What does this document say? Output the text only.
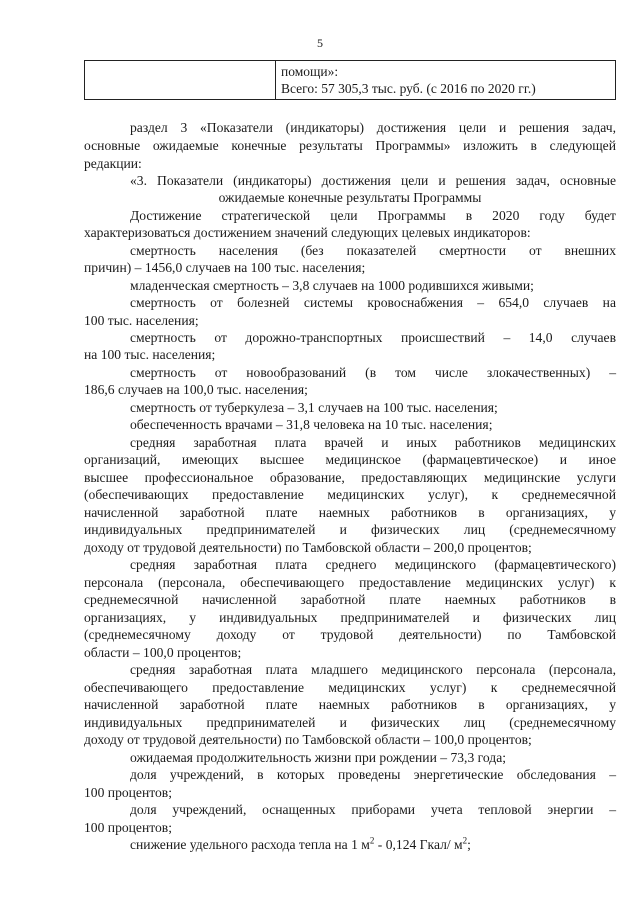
5
помощи»:
Всего: 57 305,3 тыс. руб. (с 2016 по 2020 гг.)
раздел 3 «Показатели (индикаторы) достижения цели и решения задач,
основные ожидаемые конечные результаты Программы» изложить в следующей
редакции:
«3. Показатели (индикаторы) достижения цели и решения задач, основные
ожидаемые конечные результаты Программы
Достижение стратегической цели Программы в 2020 году будет
характеризоваться достижением значений следующих целевых индикаторов:
смертность населения (без показателей смертности от внешних
причин) – 1456,0 случаев на 100 тыс. населения;
младенческая смертность – 3,8 случаев на 1000 родившихся живыми;
смертность от болезней системы кровоснабжения – 654,0 случаев на
100 тыс. населения;
смертность от дорожно-транспортных происшествий – 14,0 случаев
на 100 тыс. населения;
смертность от новообразований (в том числе злокачественных) –
186,6 случаев на 100,0 тыс. населения;
смертность от туберкулеза – 3,1 случаев на 100 тыс. населения;
обеспеченность врачами – 31,8 человека на 10 тыс. населения;
средняя заработная плата врачей и иных работников медицинских
организаций, имеющих высшее медицинское (фармацевтическое) и иное
высшее профессиональное образование, предоставляющих медицинские услуги
(обеспечивающих предоставление медицинских услуг), к среднемесячной
начисленной заработной плате наемных работников в организациях, у
индивидуальных предпринимателей и физических лиц (среднемесячному
доходу от трудовой деятельности) по Тамбовской области – 200,0 процентов;
средняя заработная плата среднего медицинского (фармацевтического)
персонала (персонала, обеспечивающего предоставление медицинских услуг) к
среднемесячной начисленной заработной плате наемных работников в
организациях, у индивидуальных предпринимателей и физических лиц
(среднемесячному доходу от трудовой деятельности) по Тамбовской
области – 100,0 процентов;
средняя заработная плата младшего медицинского персонала (персонала,
обеспечивающего предоставление медицинских услуг) к среднемесячной
начисленной заработной плате наемных работников в организациях, у
индивидуальных предпринимателей и физических лиц (среднемесячному
доходу от трудовой деятельности) по Тамбовской области – 100,0 процентов;
ожидаемая продолжительность жизни при рождении – 73,3 года;
доля учреждений, в которых проведены энергетические обследования –
100 процентов;
доля учреждений, оснащенных приборами учета тепловой энергии –
100 процентов;
снижение удельного расхода тепла на 1 $м^2 - 0,124$ Гкал/ $м^2$;
